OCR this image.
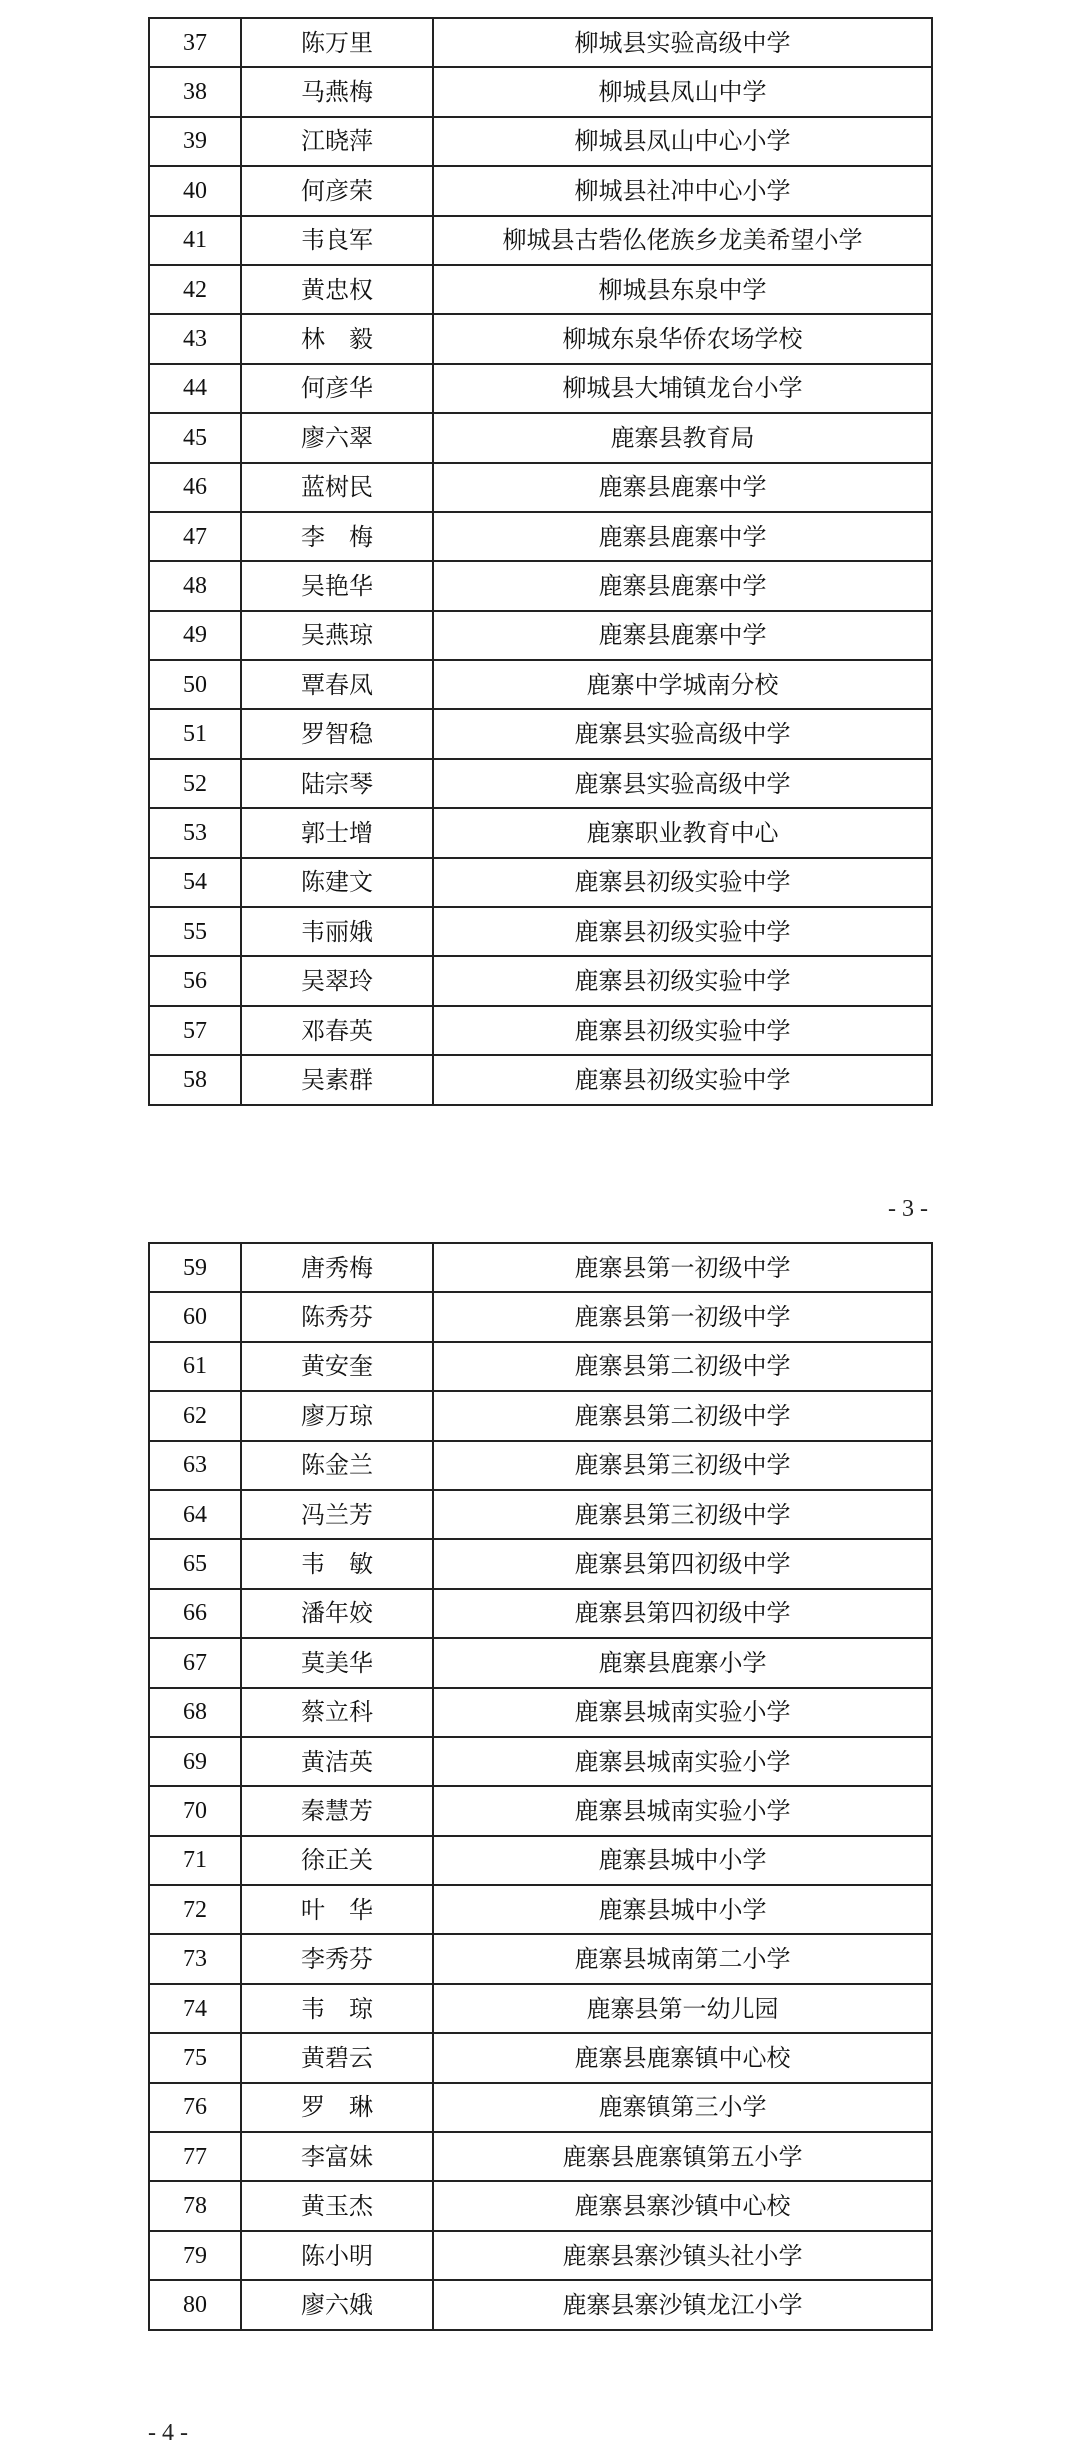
37	陈万里	柳城县实验高级中学
38	马燕梅	柳城县凤山中学
39	江晓萍	柳城县凤山中心小学
40	何彦荣	柳城县社冲中心小学
41	韦良军	柳城县古砦仫佬族乡龙美希望小学
42	黄忠权	柳城县东泉中学
43	林　毅	柳城东泉华侨农场学校
44	何彦华	柳城县大埔镇龙台小学
45	廖六翠	鹿寨县教育局
46	蓝树民	鹿寨县鹿寨中学
47	李　梅	鹿寨县鹿寨中学
48	吴艳华	鹿寨县鹿寨中学
49	吴燕琼	鹿寨县鹿寨中学
50	覃春凤	鹿寨中学城南分校
51	罗智稳	鹿寨县实验高级中学
52	陆宗琴	鹿寨县实验高级中学
53	郭士增	鹿寨职业教育中心
54	陈建文	鹿寨县初级实验中学
55	韦丽娥	鹿寨县初级实验中学
56	吴翠玲	鹿寨县初级实验中学
57	邓春英	鹿寨县初级实验中学
58	吴素群	鹿寨县初级实验中学
- 3 -
59	唐秀梅	鹿寨县第一初级中学
60	陈秀芬	鹿寨县第一初级中学
61	黄安奎	鹿寨县第二初级中学
62	廖万琼	鹿寨县第二初级中学
63	陈金兰	鹿寨县第三初级中学
64	冯兰芳	鹿寨县第三初级中学
65	韦　敏	鹿寨县第四初级中学
66	潘年姣	鹿寨县第四初级中学
67	莫美华	鹿寨县鹿寨小学
68	蔡立科	鹿寨县城南实验小学
69	黄洁英	鹿寨县城南实验小学
70	秦慧芳	鹿寨县城南实验小学
71	徐正关	鹿寨县城中小学
72	叶　华	鹿寨县城中小学
73	李秀芬	鹿寨县城南第二小学
74	韦　琼	鹿寨县第一幼儿园
75	黄碧云	鹿寨县鹿寨镇中心校
76	罗　琳	鹿寨镇第三小学
77	李富妹	鹿寨县鹿寨镇第五小学
78	黄玉杰	鹿寨县寨沙镇中心校
79	陈小明	鹿寨县寨沙镇头社小学
80	廖六娥	鹿寨县寨沙镇龙江小学
- 4 -
